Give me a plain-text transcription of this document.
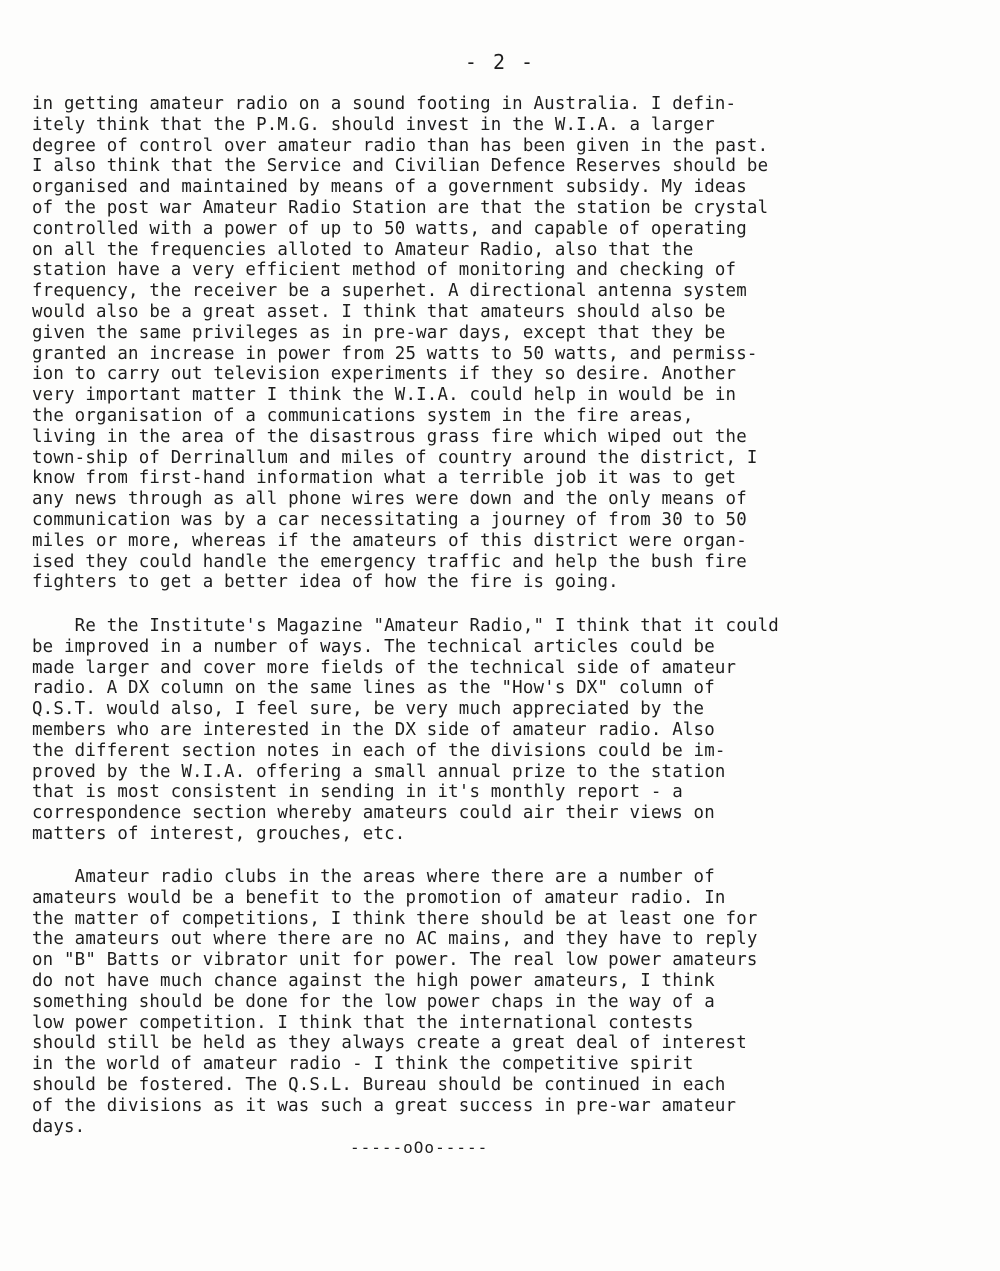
- 2 -
in getting amateur radio on a sound footing in Australia. I defin-
itely think that the P.M.G. should invest in the W.I.A. a larger
degree of control over amateur radio than has been given in the past.
I also think that the Service and Civilian Defence Reserves should be
organised and maintained by means of a government subsidy. My ideas
of the post war Amateur Radio Station are that the station be crystal
controlled with a power of up to 50 watts, and capable of operating
on all the frequencies alloted to Amateur Radio, also that the
station have a very efficient method of monitoring and checking of
frequency, the receiver be a superhet. A directional antenna system
would also be a great asset. I think that amateurs should also be
given the same privileges as in pre-war days, except that they be
granted an increase in power from 25 watts to 50 watts, and permiss-
ion to carry out television experiments if they so desire. Another
very important matter I think the W.I.A. could help in would be in
the organisation of a communications system in the fire areas,
living in the area of the disastrous grass fire which wiped out the
town-ship of Derrinallum and miles of country around the district, I
know from first-hand information what a terrible job it was to get
any news through as all phone wires were down and the only means of
communication was by a car necessitating a journey of from 30 to 50
miles or more, whereas if the amateurs of this district were organ-
ised they could handle the emergency traffic and help the bush fire
fighters to get a better idea of how the fire is going.
Re the Institute's Magazine "Amateur Radio," I think that it could
be improved in a number of ways. The technical articles could be
made larger and cover more fields of the technical side of amateur
radio. A DX column on the same lines as the "How's DX" column of
Q.S.T. would also, I feel sure, be very much appreciated by the
members who are interested in the DX side of amateur radio. Also
the different section notes in each of the divisions could be im-
proved by the W.I.A. offering a small annual prize to the station
that is most consistent in sending in it's monthly report - a
correspondence section whereby amateurs could air their views on
matters of interest, grouches, etc.
Amateur radio clubs in the areas where there are a number of
amateurs would be a benefit to the promotion of amateur radio. In
the matter of competitions, I think there should be at least one for
the amateurs out where there are no AC mains, and they have to reply
on "B" Batts or vibrator unit for power. The real low power amateurs
do not have much chance against the high power amateurs, I think
something should be done for the low power chaps in the way of a
low power competition. I think that the international contests
should still be held as they always create a great deal of interest
in the world of amateur radio - I think the competitive spirit
should be fostered. The Q.S.L. Bureau should be continued in each
of the divisions as it was such a great success in pre-war amateur
days.
-----oOo-----
